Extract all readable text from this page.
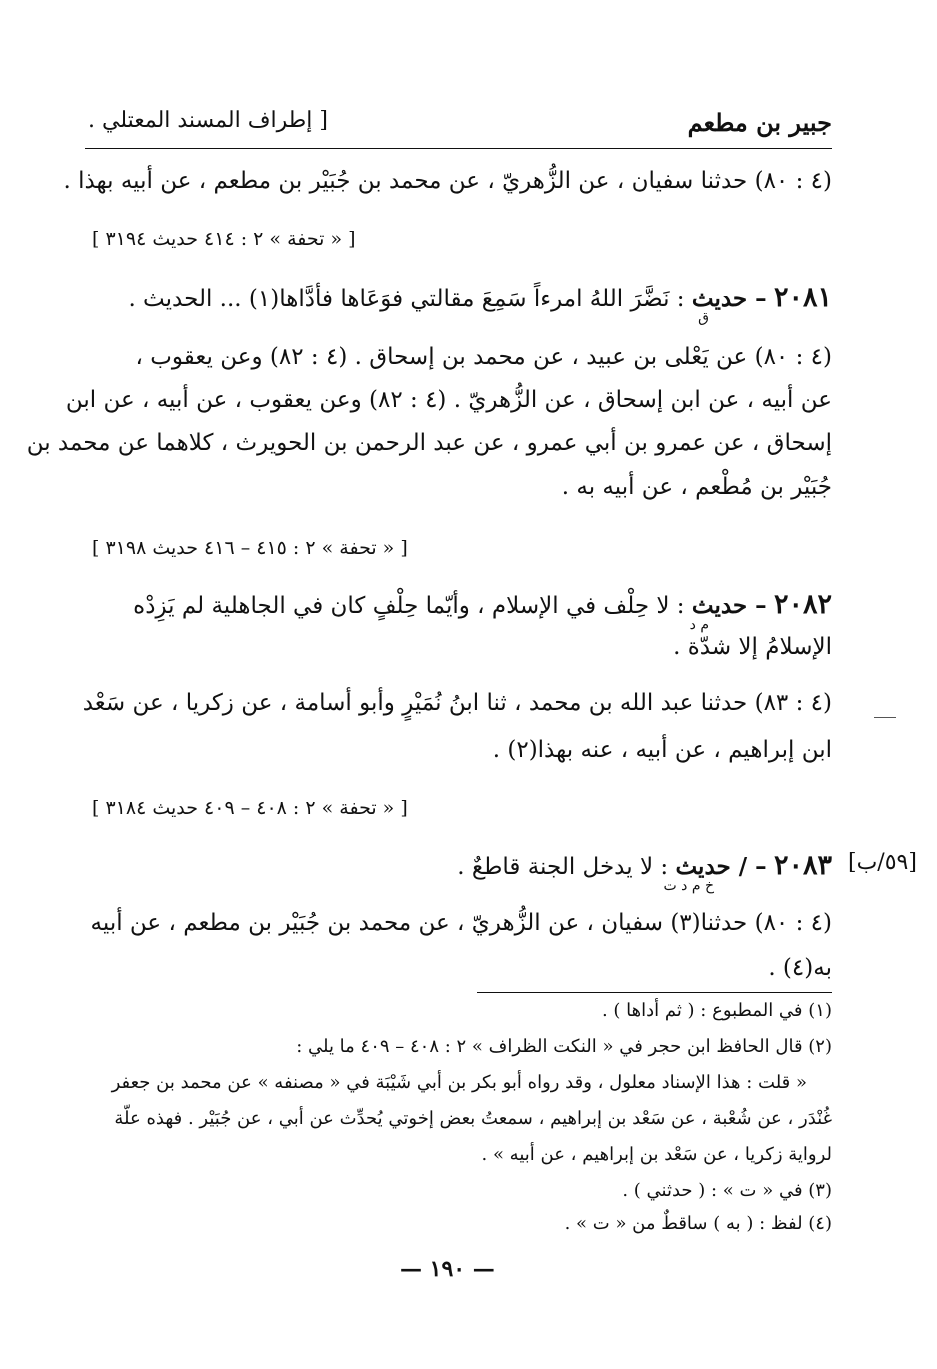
[ إطراف المسند المعتلي .	جبير بن مطعم
(٤ : ٨٠) حدثنا سفيان ، عن الزُّهريّ ، عن محمد بن جُبَيْر بن مطعم ، عن أبيه بهذا .
[ « تحفة » ٢ : ٤١٤ حديث ٣١٩٤ ]
٢٠٨١ – حديث : نَضَّرَ اللهُ امرءاً سَمِعَ مقالتي فوَعَاها فأدَّاها(١) ... الحديث .
ق
(٤ : ٨٠) عن يَعْلى بن عبيد ، عن محمد بن إسحاق . (٤ : ٨٢) وعن يعقوب ،
عن أبيه ، عن ابن إسحاق ، عن الزُّهريّ . (٤ : ٨٢) وعن يعقوب ، عن أبيه ، عن ابن
إسحاق ، عن عمرو بن أبي عمرو ، عن عبد الرحمن بن الحويرث ، كلاهما عن محمد بن
جُبَيْر بن مُطْعم ، عن أبيه به .
[ « تحفة » ٢ : ٤١٥ – ٤١٦ حديث ٣١٩٨ ]
٢٠٨٢ – حديث : لا حِلْف في الإسلام ، وأيّما حِلْفٍ كان في الجاهلية لم يَزِدْه
م د
الإسلامُ إلا شدّة .
(٤ : ٨٣) حدثنا عبد الله بن محمد ، ثنا ابنُ نُمَيْرٍ وأبو أسامة ، عن زكريا ، عن سَعْد
ابن إبراهيم ، عن أبيه ، عنه بهذا(٢) .
[ « تحفة » ٢ : ٤٠٨ – ٤٠٩ حديث ٣١٨٤ ]
[٥٩/ب]
٢٠٨٣ – / حديث : لا يدخل الجنة قاطعٌ .
خ م د ت
(٤ : ٨٠) حدثنا(٣) سفيان ، عن الزُّهريّ ، عن محمد بن جُبَيْر بن مطعم ، عن أبيه
به(٤) .
(١) في المطبوع : ( ثم أداها ) .
(٢) قال الحافظ ابن حجر في « النكت الظراف » ٢ : ٤٠٨ – ٤٠٩ ما يلي :
« قلت : هذا الإسناد معلول ، وقد رواه أبو بكر بن أبي شَيْبَة في « مصنفه » عن محمد بن جعفر
غُنْدَر ، عن شُعْبة ، عن سَعْد بن إبراهيم ، سمعتُ بعض إخوتي يُحدِّث عن أبي ، عن جُبَيْر . فهذه علّة
لرواية زكريا ، عن سَعْد بن إبراهيم ، عن أبيه » .
(٣) في « ت » : ( حدثني ) .
(٤) لفظ : ( به ) ساقطٌ من « ت » .
— ١٩٠ —
